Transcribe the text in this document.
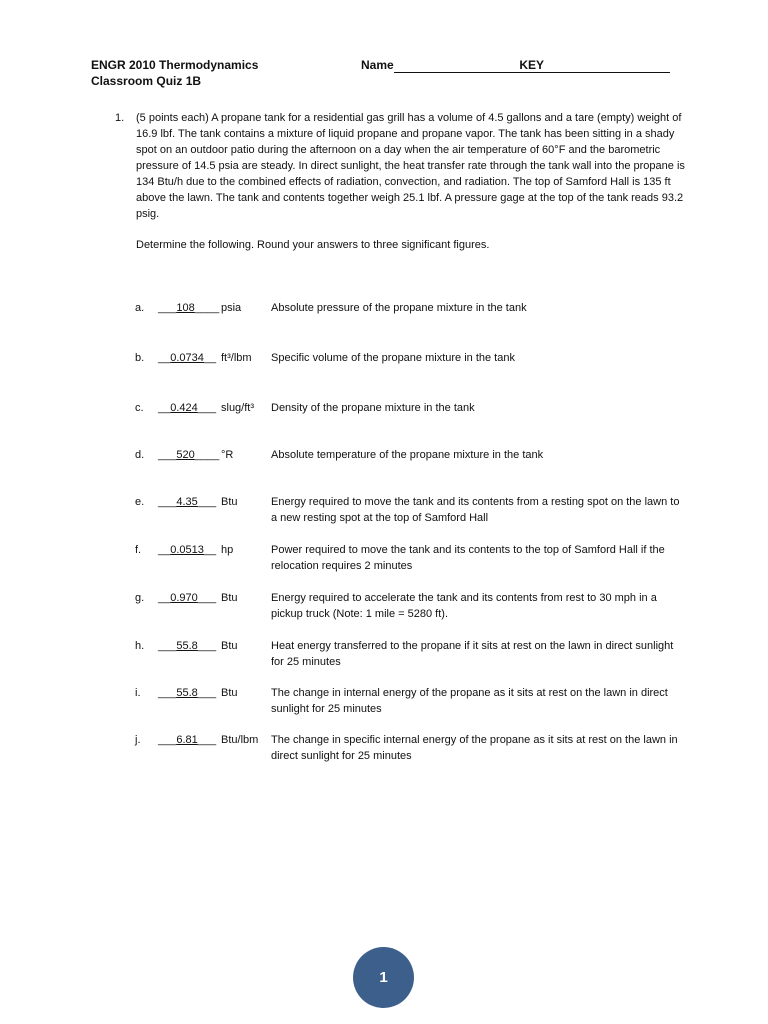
ENGR 2010 Thermodynamics
Classroom Quiz 1B
Name	KEY
1. (5 points each) A propane tank for a residential gas grill has a volume of 4.5 gallons and a tare (empty) weight of 16.9 lbf. The tank contains a mixture of liquid propane and propane vapor. The tank has been sitting in a shady spot on an outdoor patio during the afternoon on a day when the air temperature of 60°F and the barometric pressure of 14.5 psia are steady. In direct sunlight, the heat transfer rate through the tank wall into the propane is 134 Btu/h due to the combined effects of radiation, convection, and radiation. The top of Samford Hall is 135 ft above the lawn. The tank and contents together weigh 25.1 lbf. A pressure gage at the top of the tank reads 93.2 psig.

Determine the following. Round your answers to three significant figures.
a. ___108____ psia	Absolute pressure of the propane mixture in the tank
b. __0.0734__ ft³/lbm Specific volume of the propane mixture in the tank
c. __0.424___ slug/ft³ Density of the propane mixture in the tank
d. ___520____ °R	Absolute temperature of the propane mixture in the tank
e. ___4.35___ Btu	Energy required to move the tank and its contents from a resting spot on the lawn to a new resting spot at the top of Samford Hall
f. __0.0513__ hp	Power required to move the tank and its contents to the top of Samford Hall if the relocation requires 2 minutes
g. __0.970___ Btu	Energy required to accelerate the tank and its contents from rest to 30 mph in a pickup truck (Note: 1 mile = 5280 ft).
h. ___55.8___ Btu	Heat energy transferred to the propane if it sits at rest on the lawn in direct sunlight for 25 minutes
i. ___55.8___ Btu	The change in internal energy of the propane as it sits at rest on the lawn in direct sunlight for 25 minutes
j. ___6.81___ Btu/lbm The change in specific internal energy of the propane as it sits at rest on the lawn in direct sunlight for 25 minutes
1
